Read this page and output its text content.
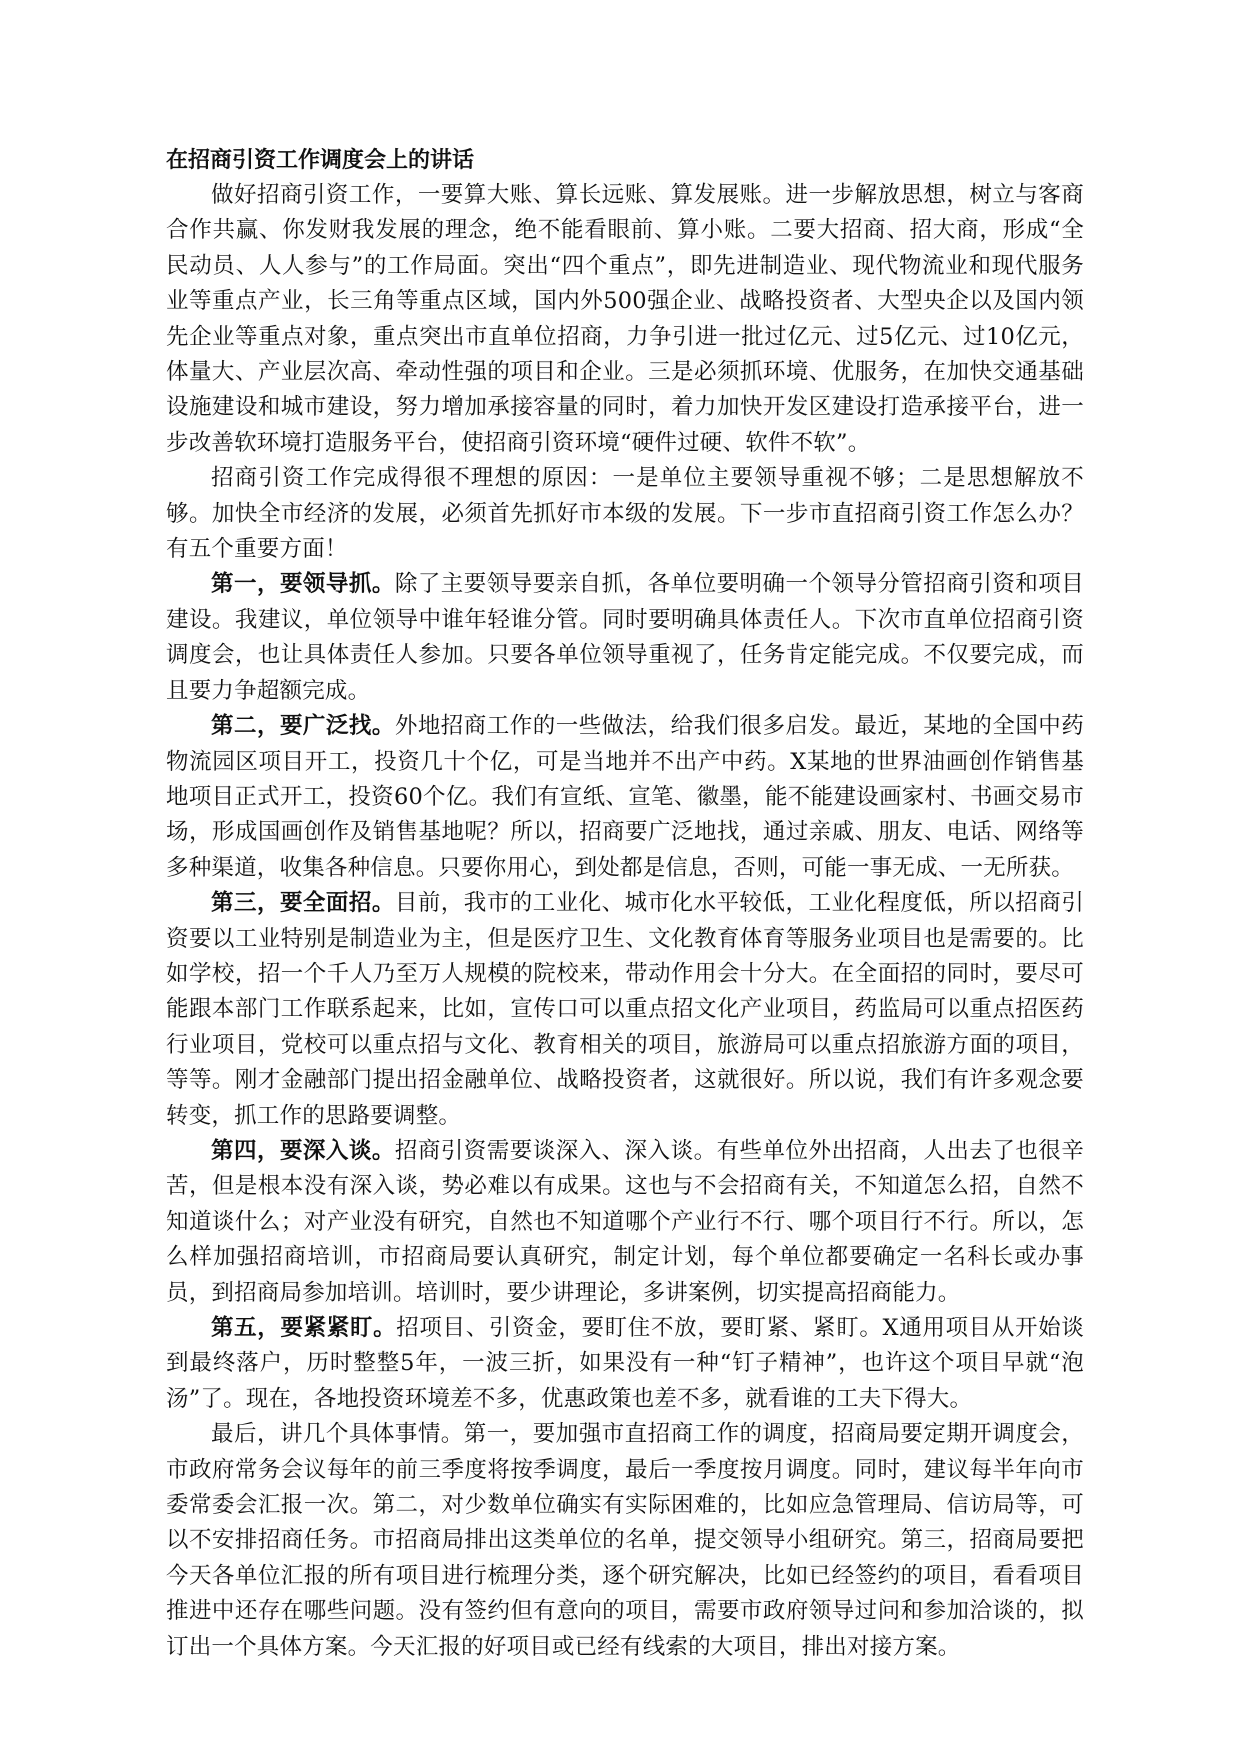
在招商引资工作调度会上的讲话

做好招商引资工作，一要算大账、算长远账、算发展账。进一步解放思想，树立与客商合作共赢、你发财我发展的理念，绝不能看眼前、算小账。二要大招商、招大商，形成“全民动员、人人参与”的工作局面。突出“四个重点”，即先进制造业、现代物流业和现代服务业等重点产业，长三角等重点区域，国内外500强企业、战略投资者、大型央企以及国内领先企业等重点对象，重点突出市直单位招商，力争引进一批过亿元、过5亿元、过10亿元，体量大、产业层次高、牵动性强的项目和企业。三是必须抓环境、优服务，在加快交通基础设施建设和城市建设，努力增加承接容量的同时，着力加快开发区建设打造承接平台，进一步改善软环境打造服务平台，使招商引资环境“硬件过硬、软件不软”。

招商引资工作完成得很不理想的原因：一是单位主要领导重视不够；二是思想解放不够。加快全市经济的发展，必须首先抓好市本级的发展。下一步市直招商引资工作怎么办？有五个重要方面！

第一，要领导抓。除了主要领导要亲自抓，各单位要明确一个领导分管招商引资和项目建设。我建议，单位领导中谁年轻谁分管。同时要明确具体责任人。下次市直单位招商引资调度会，也让具体责任人参加。只要各单位领导重视了，任务肯定能完成。不仅要完成，而且要力争超额完成。

第二，要广泛找。外地招商工作的一些做法，给我们很多启发。最近，某地的全国中药物流园区项目开工，投资几十个亿，可是当地并不出产中药。X某地的世界油画创作销售基地项目正式开工，投资60个亿。我们有宣纸、宣笔、徽墨，能不能建设画家村、书画交易市场，形成国画创作及销售基地呢？所以，招商要广泛地找，通过亲戚、朋友、电话、网络等多种渠道，收集各种信息。只要你用心，到处都是信息，否则，可能一事无成、一无所获。

第三，要全面招。目前，我市的工业化、城市化水平较低，工业化程度低，所以招商引资要以工业特别是制造业为主，但是医疗卫生、文化教育体育等服务业项目也是需要的。比如学校，招一个千人乃至万人规模的院校来，带动作用会十分大。在全面招的同时，要尽可能跟本部门工作联系起来，比如，宣传口可以重点招文化产业项目，药监局可以重点招医药行业项目，党校可以重点招与文化、教育相关的项目，旅游局可以重点招旅游方面的项目，等等。刚才金融部门提出招金融单位、战略投资者，这就很好。所以说，我们有许多观念要转变，抓工作的思路要调整。

第四，要深入谈。招商引资需要谈深入、深入谈。有些单位外出招商，人出去了也很辛苦，但是根本没有深入谈，势必难以有成果。这也与不会招商有关，不知道怎么招，自然不知道谈什么；对产业没有研究，自然也不知道哪个产业行不行、哪个项目行不行。所以，怎么样加强招商培训，市招商局要认真研究，制定计划，每个单位都要确定一名科长或办事员，到招商局参加培训。培训时，要少讲理论，多讲案例，切实提高招商能力。

第五，要紧紧盯。招项目、引资金，要盯住不放，要盯紧、紧盯。X通用项目从开始谈到最终落户，历时整整5年，一波三折，如果没有一种“钉子精神”，也许这个项目早就“泡汤”了。现在，各地投资环境差不多，优惠政策也差不多，就看谁的工夫下得大。

最后，讲几个具体事情。第一，要加强市直招商工作的调度，招商局要定期开调度会，市政府常务会议每年的前三季度将按季调度，最后一季度按月调度。同时，建议每半年向市委常委会汇报一次。第二，对少数单位确实有实际困难的，比如应急管理局、信访局等，可以不安排招商任务。市招商局排出这类单位的名单，提交领导小组研究。第三，招商局要把今天各单位汇报的所有项目进行梳理分类，逐个研究解决，比如已经签约的项目，看看项目推进中还存在哪些问题。没有签约但有意向的项目，需要市政府领导过问和参加洽谈的，拟订出一个具体方案。今天汇报的好项目或已经有线索的大项目，排出对接方案。
